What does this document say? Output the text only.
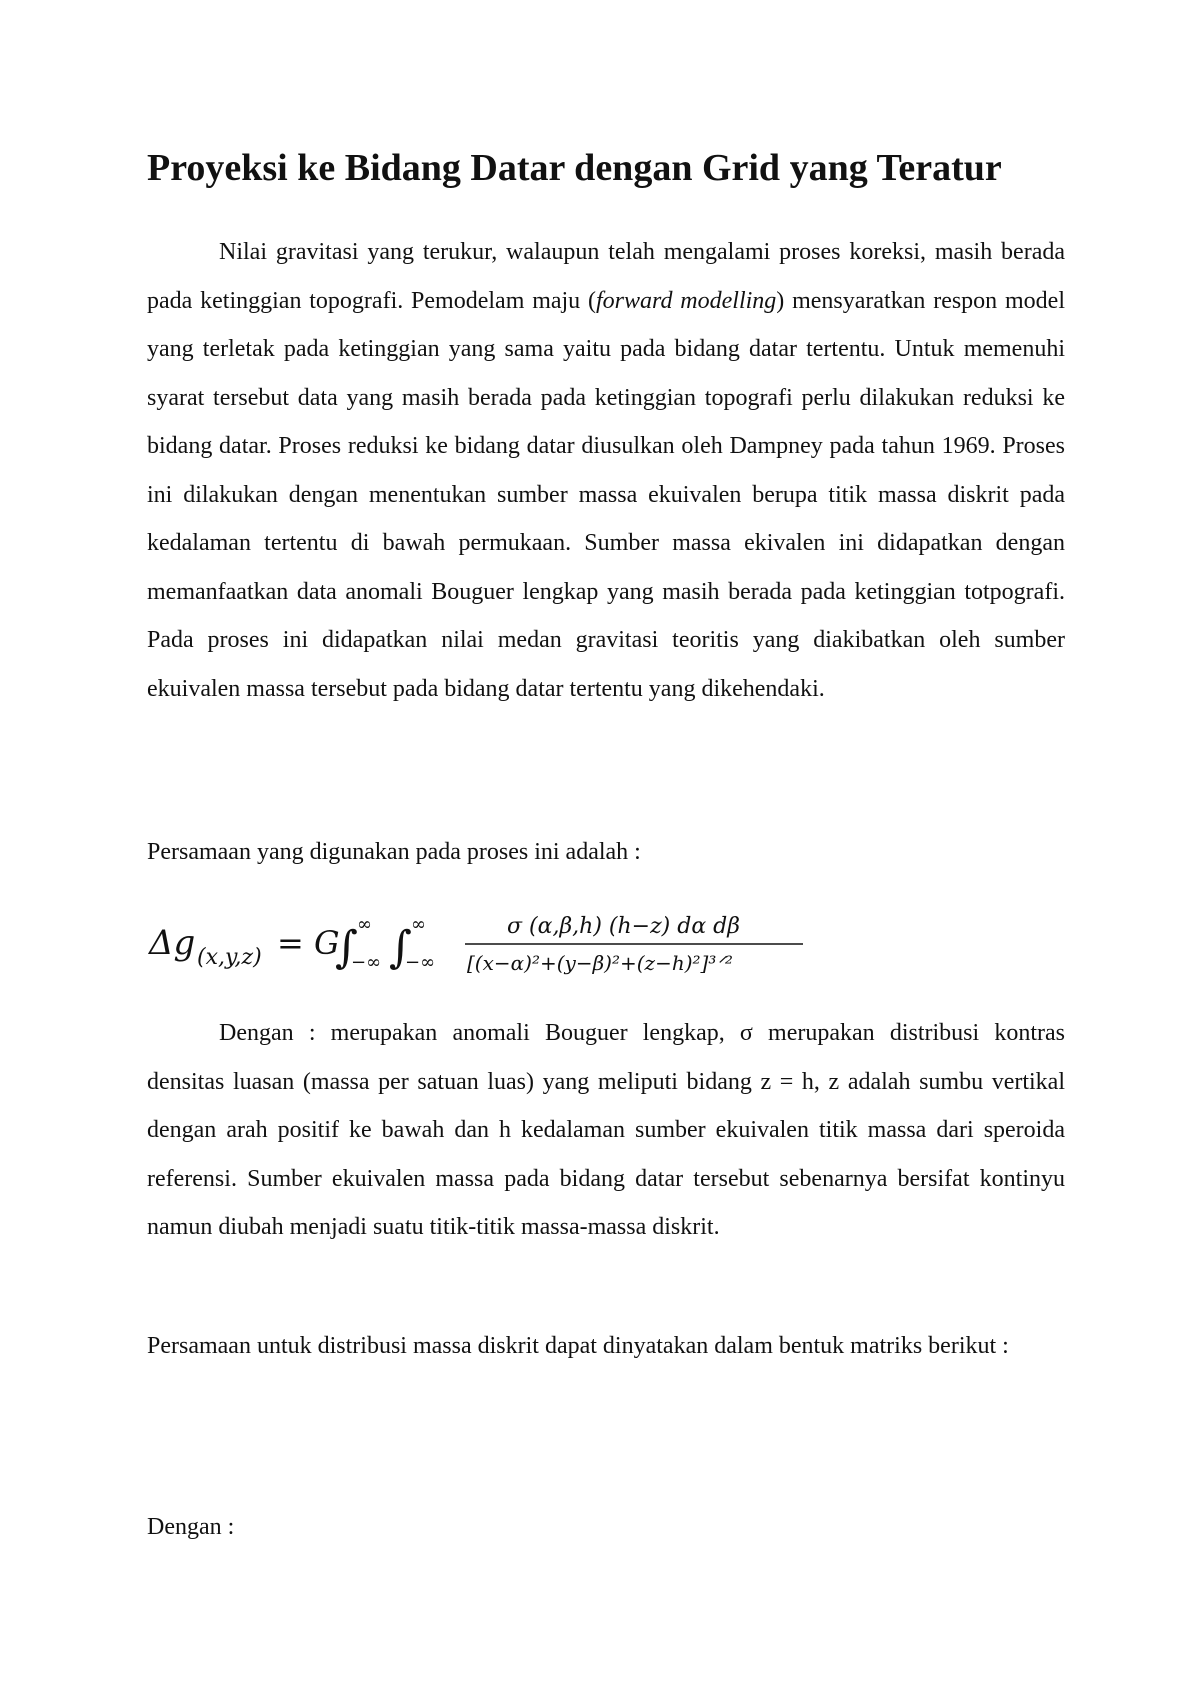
Proyeksi ke Bidang Datar dengan Grid yang Teratur

Nilai gravitasi yang terukur, walaupun telah mengalami proses koreksi, masih berada pada ketinggian topografi. Pemodelam maju (forward modelling) mensyaratkan respon model yang terletak pada ketinggian yang sama yaitu pada bidang datar tertentu. Untuk memenuhi syarat tersebut data yang masih berada pada ketinggian topografi perlu dilakukan reduksi ke bidang datar. Proses reduksi ke bidang datar diusulkan oleh Dampney pada tahun 1969. Proses ini dilakukan dengan menentukan sumber massa ekuivalen berupa titik massa diskrit pada kedalaman tertentu di bawah permukaan. Sumber massa ekivalen ini didapatkan dengan memanfaatkan data anomali Bouguer lengkap yang masih berada pada ketinggian totpografi. Pada proses ini didapatkan nilai medan gravitasi teoritis yang diakibatkan oleh sumber ekuivalen massa tersebut pada bidang datar tertentu yang dikehendaki.

Persamaan yang digunakan pada proses ini adalah :

Δg (x,y,z) = G
∫ ∞
−∞ ∫ ∞
−∞
σ (α,β,h) (h−z) dα dβ
[(x−α)²+(y−β)²+(z−h)²]³ᐟ²

Dengan : merupakan anomali Bouguer lengkap, σ merupakan distribusi kontras densitas luasan (massa per satuan luas) yang meliputi bidang z = h, z adalah sumbu vertikal dengan arah positif ke bawah dan h kedalaman sumber ekuivalen titik massa dari speroida referensi. Sumber ekuivalen massa pada bidang datar tersebut sebenarnya bersifat kontinyu namun diubah menjadi suatu titik-titik massa-massa diskrit.

Persamaan untuk distribusi massa diskrit dapat dinyatakan dalam bentuk matriks berikut :

Dengan :
